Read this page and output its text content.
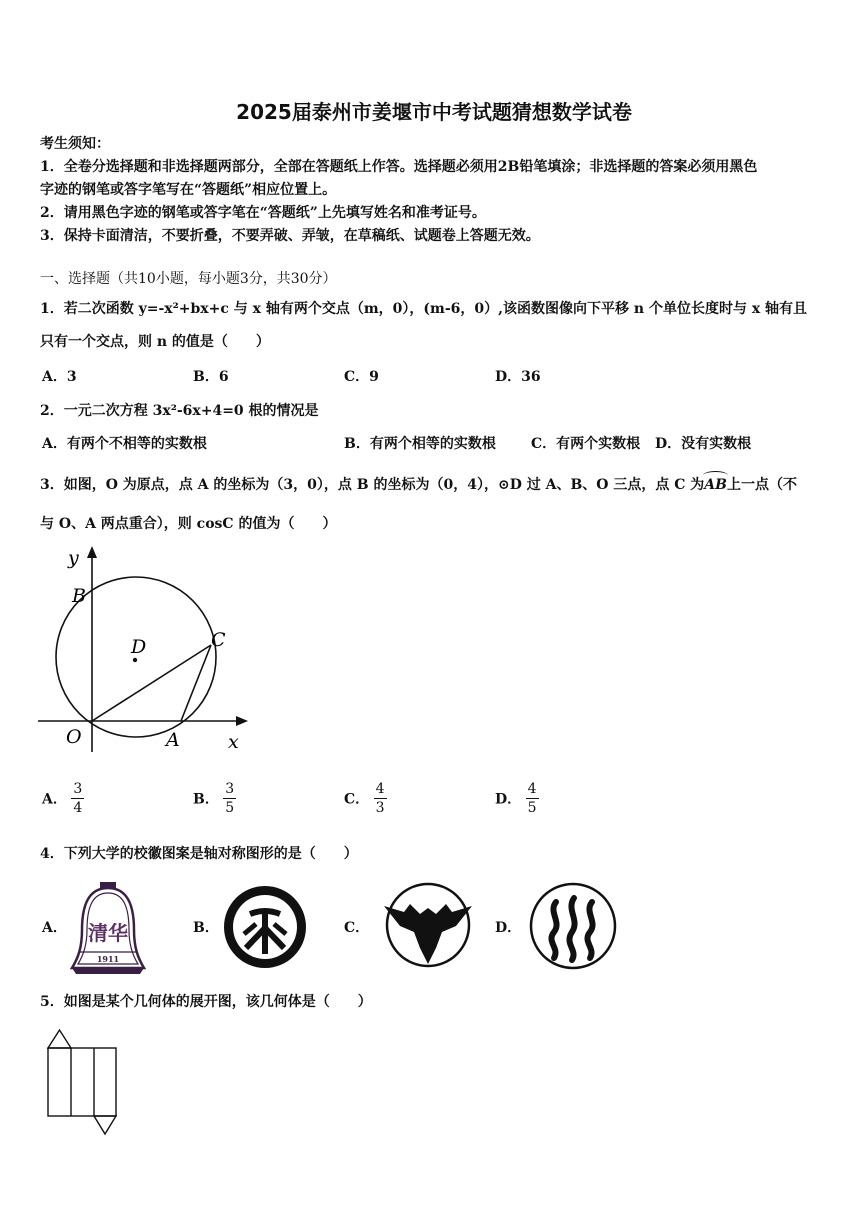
2025届泰州市姜堰市中考试题猜想数学试卷
考生须知：
1．全卷分选择题和非选择题两部分，全部在答题纸上作答。选择题必须用2B铅笔填涂；非选择题的答案必须用黑色
字迹的钢笔或答字笔写在“答题纸”相应位置上。
2．请用黑色字迹的钢笔或答字笔在“答题纸”上先填写姓名和准考证号。
3．保持卡面清洁，不要折叠，不要弄破、弄皱，在草稿纸、试题卷上答题无效。
一、选择题（共10小题，每小题3分，共30分）
1．若二次函数 y=-x²+bx+c 与 x 轴有两个交点（m，0），(m-6，0）,该函数图像向下平移 n 个单位长度时与 x 轴有且
只有一个交点，则 n 的值是（　　）
A．3	B．6	C．9	D．36
2．一元二次方程 3x²-6x+4=0 根的情况是
A．有两个不相等的实数根	B．有两个相等的实数根	C．有两个实数根 D．没有实数根
3．如图，O 为原点，点 A 的坐标为（3，0），点 B 的坐标为（0，4），⊙D 过 A、B、O 三点，点 C 为AB上一点（不
与 O、A 两点重合），则 cosC 的值为（　　）
y
x
B
D	C
O	A
A． $\frac{3}{4}$	B． $\frac{3}{5}$	C． $\frac{4}{3}$	D． $\frac{4}{5}$
4．下列大学的校徽图案是轴对称图形的是（　　）
A． 清华
1911
B．	C．	D．
5．如图是某个几何体的展开图，该几何体是（　　）
